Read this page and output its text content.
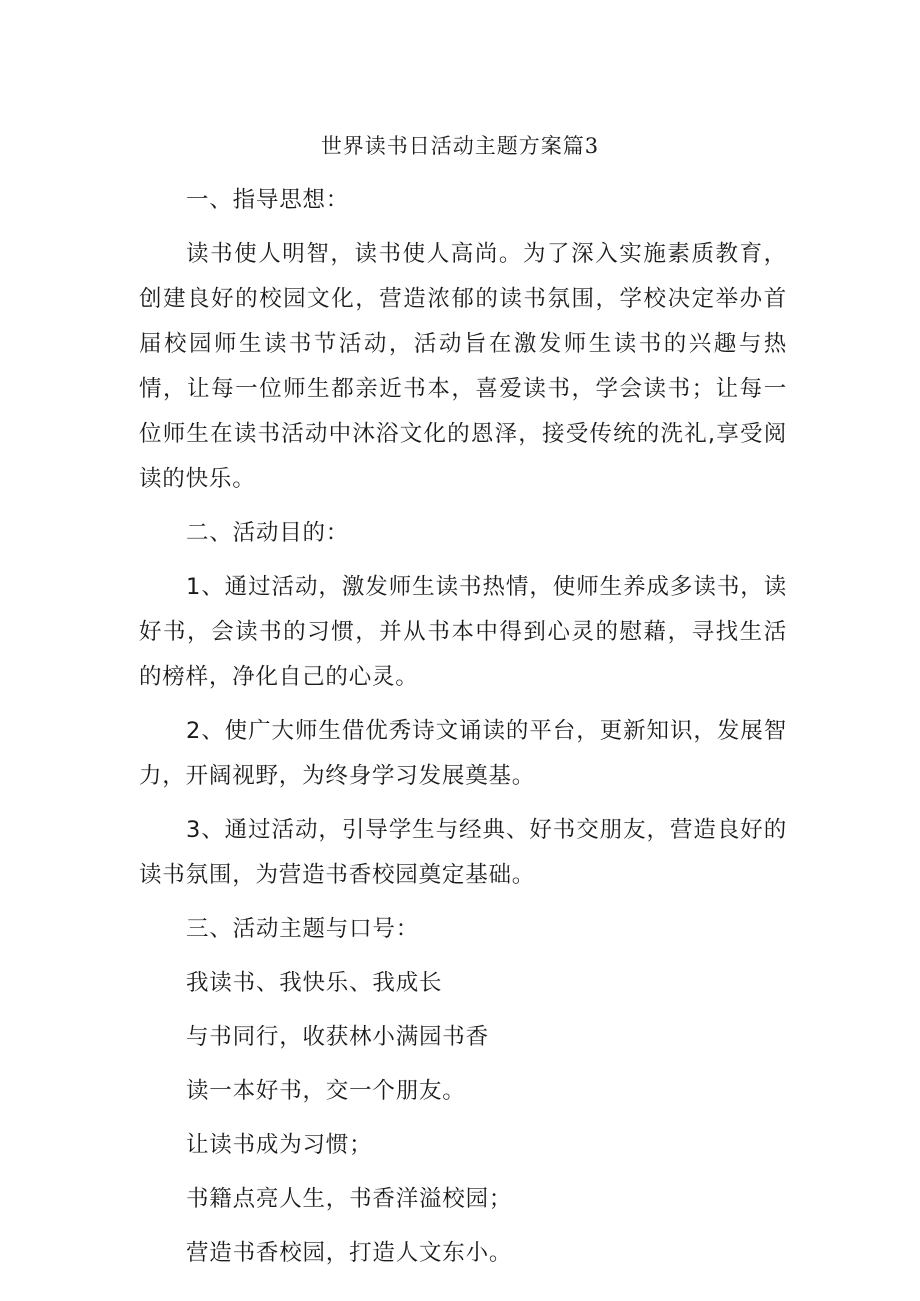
世界读书日活动主题方案篇3

一、指导思想：

读书使人明智，读书使人高尚。为了深入实施素质教育，创建良好的校园文化，营造浓郁的读书氛围，学校决定举办首届校园师生读书节活动，活动旨在激发师生读书的兴趣与热情，让每一位师生都亲近书本，喜爱读书，学会读书；让每一位师生在读书活动中沐浴文化的恩泽，接受传统的洗礼,享受阅读的快乐。

二、活动目的：

1、通过活动，激发师生读书热情，使师生养成多读书，读好书，会读书的习惯，并从书本中得到心灵的慰藉，寻找生活的榜样，净化自己的心灵。

2、使广大师生借优秀诗文诵读的平台，更新知识，发展智力，开阔视野，为终身学习发展奠基。

3、通过活动，引导学生与经典、好书交朋友，营造良好的读书氛围，为营造书香校园奠定基础。

三、活动主题与口号：

我读书、我快乐、我成长

与书同行，收获林小满园书香

读一本好书，交一个朋友。

让读书成为习惯；

书籍点亮人生，书香洋溢校园；

营造书香校园，打造人文东小。
